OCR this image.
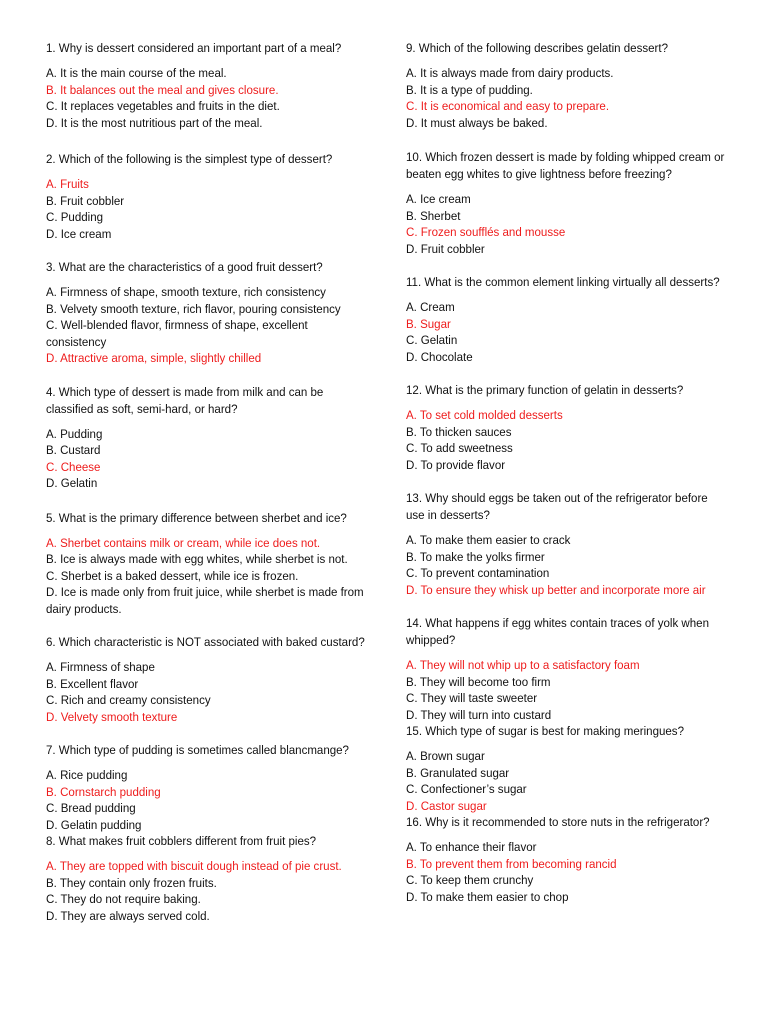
1. Why is dessert considered an important part of a meal?

A. It is the main course of the meal.

B. It balances out the meal and gives closure.

C. It replaces vegetables and fruits in the diet.

D. It is the most nutritious part of the meal.

2. Which of the following is the simplest type of dessert?

A. Fruits

B. Fruit cobbler

C. Pudding

D. Ice cream

3. What are the characteristics of a good fruit dessert?

A. Firmness of shape, smooth texture, rich consistency

B. Velvety smooth texture, rich flavor, pouring consistency

C. Well-blended flavor, firmness of shape, excellent consistency

D. Attractive aroma, simple, slightly chilled

4. Which type of dessert is made from milk and can be classified as soft, semi-hard, or hard?

A. Pudding

B. Custard

C. Cheese

D. Gelatin

5. What is the primary difference between sherbet and ice?

A. Sherbet contains milk or cream, while ice does not.

B. Ice is always made with egg whites, while sherbet is not.

C. Sherbet is a baked dessert, while ice is frozen.

D. Ice is made only from fruit juice, while sherbet is made from dairy products.

6. Which characteristic is NOT associated with baked custard?

A. Firmness of shape

B. Excellent flavor

C. Rich and creamy consistency

D. Velvety smooth texture

7. Which type of pudding is sometimes called blancmange?

A. Rice pudding

B. Cornstarch pudding

C. Bread pudding

D. Gelatin pudding

8. What makes fruit cobblers different from fruit pies?

A. They are topped with biscuit dough instead of pie crust.

B. They contain only frozen fruits.

C. They do not require baking.

D. They are always served cold.

9. Which of the following describes gelatin dessert?

A. It is always made from dairy products.

B. It is a type of pudding.

C. It is economical and easy to prepare.

D. It must always be baked.

10. Which frozen dessert is made by folding whipped cream or beaten egg whites to give lightness before freezing?

A. Ice cream

B. Sherbet

C. Frozen soufflés and mousse

D. Fruit cobbler

11. What is the common element linking virtually all desserts?

A. Cream

B. Sugar

C. Gelatin

D. Chocolate

12. What is the primary function of gelatin in desserts?

A. To set cold molded desserts

B. To thicken sauces

C. To add sweetness

D. To provide flavor

13. Why should eggs be taken out of the refrigerator before use in desserts?

A. To make them easier to crack

B. To make the yolks firmer

C. To prevent contamination

D. To ensure they whisk up better and incorporate more air

14. What happens if egg whites contain traces of yolk when whipped?

A. They will not whip up to a satisfactory foam

B. They will become too firm

C. They will taste sweeter

D. They will turn into custard

15. Which type of sugar is best for making meringues?

A. Brown sugar

B. Granulated sugar

C. Confectioner’s sugar

D. Castor sugar

16. Why is it recommended to store nuts in the refrigerator?

A. To enhance their flavor

B. To prevent them from becoming rancid

C. To keep them crunchy

D. To make them easier to chop
